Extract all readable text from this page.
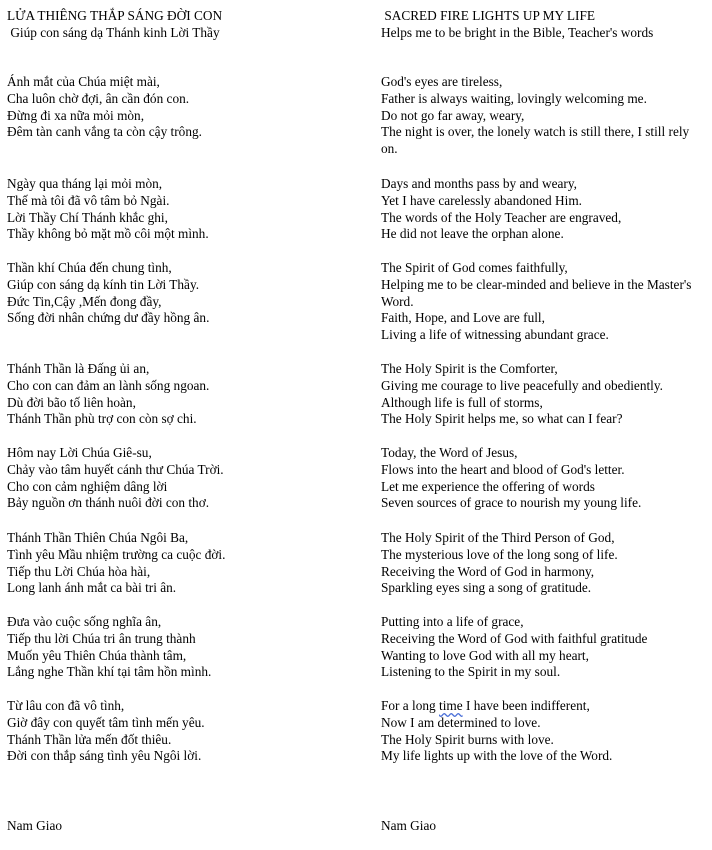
LỬA THIÊNG THẮP SÁNG ĐỜI CON

Giúp con sáng dạ Thánh kinh Lời Thầy

Ánh mắt của Chúa miệt mài,

Cha luôn chờ đợi, ân cần đón con.

Đừng đi xa nữa mỏi mòn,

Đêm tàn canh vắng ta còn cậy trông.

Ngày qua tháng lại mỏi mòn,

Thế mà tôi đã vô tâm bỏ Ngài.

Lời Thầy Chí Thánh khắc ghi,

Thầy không bỏ mặt mồ côi một mình.

Thần khí Chúa đến chung tình,

Giúp con sáng dạ kính tin Lời Thầy.

Đức Tin,Cậy ,Mến đong đầy,

Sống đời nhân chứng dư đầy hồng ân.

Thánh Thần là Đấng ủi an,

Cho con can đảm an lành sống ngoan.

Dù đời bão tố liên hoàn,

Thánh Thần phù trợ con còn sợ chi.

Hôm nay Lời Chúa Giê-su,

Chảy vào tâm huyết cánh thư Chúa Trời.

Cho con cảm nghiệm dâng lời

Bảy nguồn ơn thánh nuôi đời con thơ.

Thánh Thần Thiên Chúa Ngôi Ba,

Tình yêu Mầu nhiệm trường ca cuộc đời.

Tiếp thu Lời Chúa hòa hài,

Long lanh ánh mắt ca bài tri ân.

Đưa vào cuộc sống nghĩa ân,

Tiếp thu lời Chúa tri ân trung thành

Muốn yêu Thiên Chúa thành tâm,

Lắng nghe Thần khí tại tâm hồn mình.

Từ lâu con đã vô tình,

Giờ đây con quyết tâm tình mến yêu.

Thánh Thần lửa mến đốt thiêu.

Đời con thắp sáng tình yêu Ngôi lời.

Nam Giao

SACRED FIRE LIGHTS UP MY LIFE

Helps me to be bright in the Bible, Teacher's words

God's eyes are tireless,

Father is always waiting, lovingly welcoming me.

Do not go far away, weary,

The night is over, the lonely watch is still there, I still rely on.

Days and months pass by and weary,

Yet I have carelessly abandoned Him.

The words of the Holy Teacher are engraved,

He did not leave the orphan alone.

The Spirit of God comes faithfully,

Helping me to be clear-minded and believe in the Master's Word.

Faith, Hope, and Love are full,

Living a life of witnessing abundant grace.

The Holy Spirit is the Comforter,

Giving me courage to live peacefully and obediently.

Although life is full of storms,

The Holy Spirit helps me, so what can I fear?

Today, the Word of Jesus,

Flows into the heart and blood of God's letter.

Let me experience the offering of words

Seven sources of grace to nourish my young life.

The Holy Spirit of the Third Person of God,

The mysterious love of the long song of life.

Receiving the Word of God in harmony,

Sparkling eyes sing a song of gratitude.

Putting into a life of grace,

Receiving the Word of God with faithful gratitude

Wanting to love God with all my heart,

Listening to the Spirit in my soul.

For a long time I have been indifferent,

Now I am determined to love.

The Holy Spirit burns with love.

My life lights up with the love of the Word.

Nam Giao
